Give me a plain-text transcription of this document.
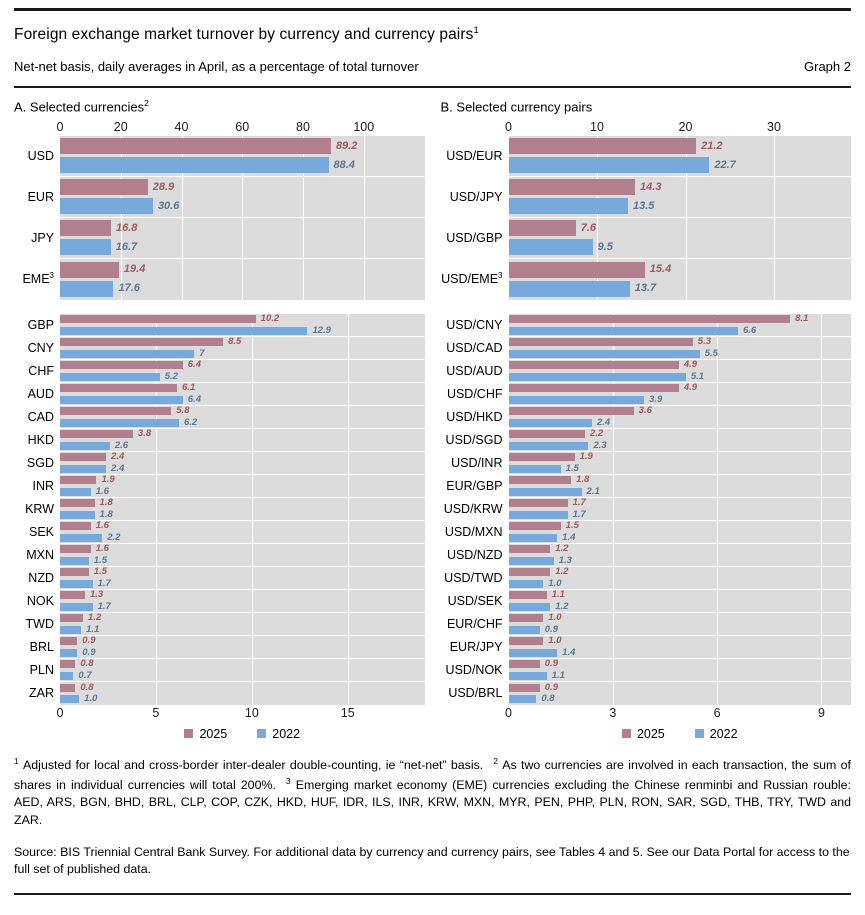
Foreign exchange market turnover by currency and currency pairs$^1$
Net-net basis, daily averages in April, as a percentage of total turnover	Graph 2
A. Selected currencies$^2$	B. Selected currency pairs
0	20	40	60	80	100
USD
89.2
88.4
EUR
28.9
30.6
JPY
16.8
16.7
EME$^3$	19.4
17.6
0	10	20	30
USD/EUR
21.2
22.7
USD/JPY
14.3
13.5
USD/GBP
7.6
9.5
USD/EME$^3$	15.4
13.7
GBP	10.2
12.9
CNY	8.5
7
CHF	6.4
5.2
AUD	6.1
6.4
CAD	5.8
6.2
HKD	3.8
2.6
SGD	2.4
2.4
INR	1.9
1.6
KRW	1.8
1.8
SEK	1.6
2.2
MXN	1.6
1.5
NZD	1.5
1.7
NOK	1.3
1.7
TWD	1.2
1.1
BRL	0.9
0.9
PLN	0.8
0.7
ZAR	0.8
1.0
0	5	10	15
2025	2022
USD/CNY	8.1
6.6
USD/CAD	5.3
5.5
USD/AUD	4.9
5.1
USD/CHF	4.9
3.9
USD/HKD	3.6
2.4
USD/SGD	2.2
2.3
USD/INR	1.9
1.5
EUR/GBP	1.8
2.1
USD/KRW	1.7
1.7
USD/MXN	1.5
1.4
USD/NZD	1.2
1.3
USD/TWD	1.2
1.0
USD/SEK	1.1
1.2
EUR/CHF	1.0
0.9
EUR/JPY	1.0
1.4
USD/NOK	0.9
1.1
USD/BRL	0.9
0.8
0	3	6	9
2025	2022

$^1$ Adjusted for local and cross-border inter-dealer double-counting, ie “net-net” basis. $^2$ As two currencies are involved in each transaction, the sum of shares in individual currencies will total 200%. $^3$ Emerging market economy (EME) currencies excluding the Chinese renminbi and Russian rouble: AED, ARS, BGN, BHD, BRL, CLP, COP, CZK, HKD, HUF, IDR, ILS, INR, KRW, MXN, MYR, PEN, PHP, PLN, RON, SAR, SGD, THB, TRY, TWD and ZAR.

Source: BIS Triennial Central Bank Survey. For additional data by currency and currency pairs, see Tables 4 and 5. See our Data Portal for access to the full set of published data.
